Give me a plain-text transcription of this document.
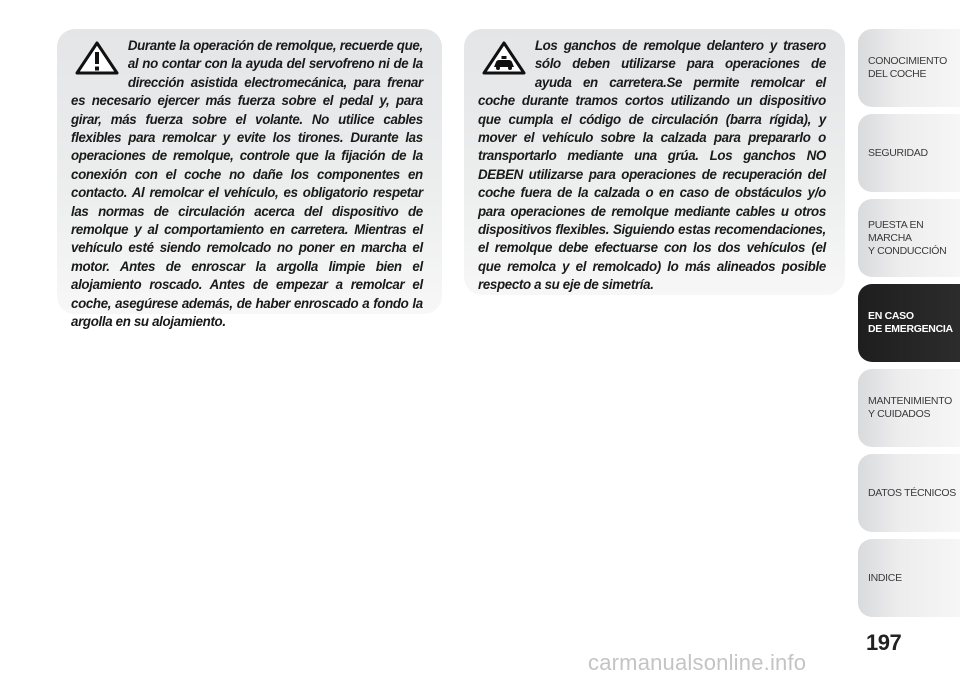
Durante la operación de remolque, recuerde que, al no contar con la ayuda del servofreno ni de la dirección asistida electromecánica, para frenar es necesario ejercer más fuerza sobre el pedal y, para girar, más fuerza sobre el volante. No utilice cables flexibles para remolcar y evite los tirones. Durante las operaciones de remolque, controle que la fijación de la conexión con el coche no dañe los componentes en contacto. Al remolcar el vehículo, es obligatorio respetar las normas de circulación acerca del dispositivo de remolque y al comportamiento en carretera. Mientras el vehículo esté siendo remolcado no poner en marcha el motor. Antes de enroscar la argolla limpie bien el alojamiento roscado. Antes de empezar a remolcar el coche, asegúrese además, de haber enroscado a fondo la argolla en su alojamiento.

Los ganchos de remolque delantero y trasero sólo deben utilizarse para operaciones de ayuda en carretera.Se permite remolcar el coche durante tramos cortos utilizando un dispositivo que cumpla el código de circulación (barra rígida), y mover el vehículo sobre la calzada para prepararlo o transportarlo mediante una grúa. Los ganchos NO DEBEN utilizarse para operaciones de recuperación del coche fuera de la calzada o en caso de obstáculos y/o para operaciones de remolque mediante cables u otros dispositivos flexibles. Siguiendo estas recomendaciones, el remolque debe efectuarse con los dos vehículos (el que remolca y el remolcado) lo más alineados posible respecto a su eje de simetría.

CONOCIMIENTO
DEL COCHE
SEGURIDAD
PUESTA EN MARCHA
Y CONDUCCIÓN
EN CASO
DE EMERGENCIA
MANTENIMIENTO
Y CUIDADOS
DATOS TÉCNICOS
INDICE
197
carmanualsonline.info
